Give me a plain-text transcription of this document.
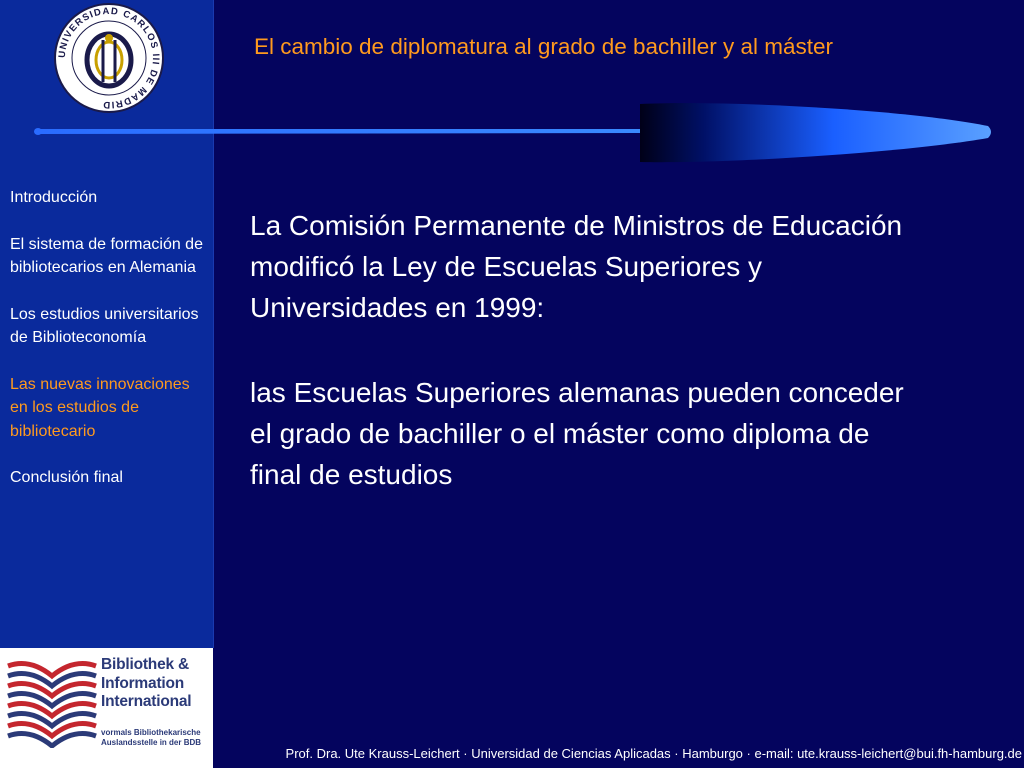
UNIVERSIDAD CARLOS III DE MADRID
Introducción
El sistema de formación de bibliotecarios en Alemania
Los estudios universitarios de Biblioteconomía
Las nuevas innovaciones en los estudios de bibliotecario
Conclusión final
El cambio de diplomatura al grado de bachiller y al máster

La Comisión Permanente de Ministros de Educación modificó la Ley de Escuelas Superiores y Universidades en 1999:

las Escuelas Superiores alemanas pueden conceder el grado de bachiller o el máster como diploma de final de estudios

Bibliothek &
Information
International
vormals Bibliothekarische
Auslandsstelle in der BDB
Prof. Dra. Ute Krauss-Leichert · Universidad de Ciencias Aplicadas · Hamburgo · e-mail: ute.krauss-leichert@bui.fh-hamburg.de
